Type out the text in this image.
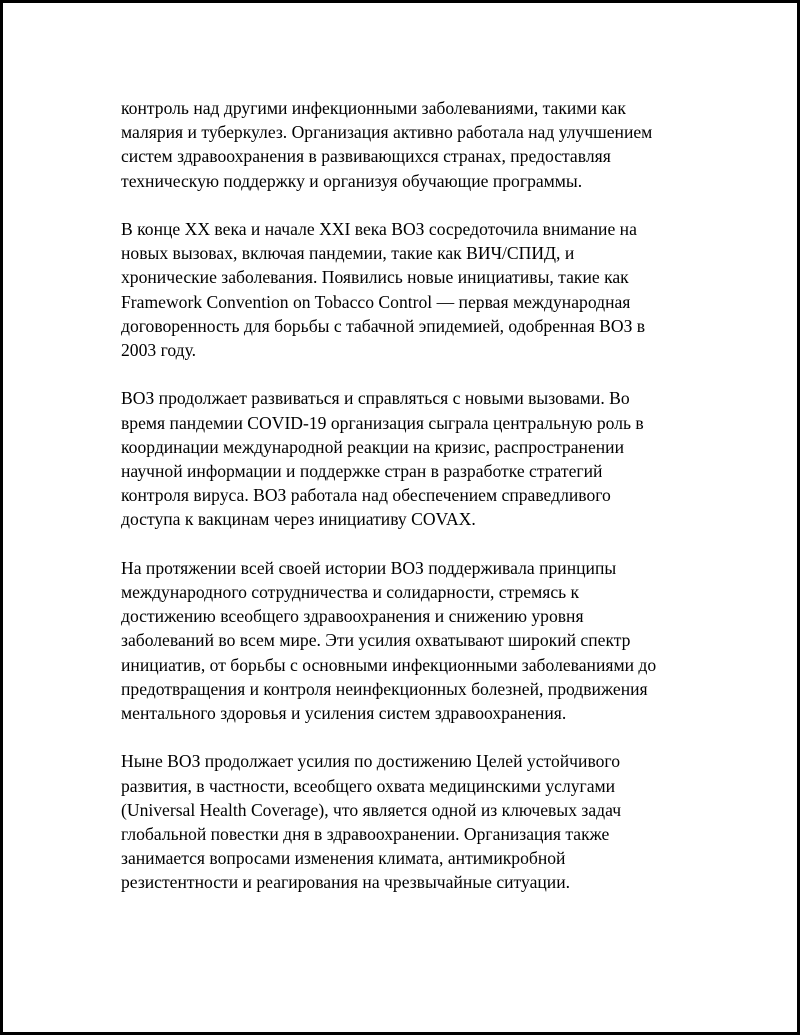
контроль над другими инфекционными заболеваниями, такими как
малярия и туберкулез. Организация активно работала над улучшением
систем здравоохранения в развивающихся странах, предоставляя
техническую поддержку и организуя обучающие программы.

В конце XX века и начале XXI века ВОЗ сосредоточила внимание на
новых вызовах, включая пандемии, такие как ВИЧ/СПИД, и
хронические заболевания. Появились новые инициативы, такие как
Framework Convention on Tobacco Control — первая международная
договоренность для борьбы с табачной эпидемией, одобренная ВОЗ в
2003 году.

ВОЗ продолжает развиваться и справляться с новыми вызовами. Во
время пандемии COVID-19 организация сыграла центральную роль в
координации международной реакции на кризис, распространении
научной информации и поддержке стран в разработке стратегий
контроля вируса. ВОЗ работала над обеспечением справедливого
доступа к вакцинам через инициативу COVAX.

На протяжении всей своей истории ВОЗ поддерживала принципы
международного сотрудничества и солидарности, стремясь к
достижению всеобщего здравоохранения и снижению уровня
заболеваний во всем мире. Эти усилия охватывают широкий спектр
инициатив, от борьбы с основными инфекционными заболеваниями до
предотвращения и контроля неинфекционных болезней, продвижения
ментального здоровья и усиления систем здравоохранения.

Ныне ВОЗ продолжает усилия по достижению Целей устойчивого
развития, в частности, всеобщего охвата медицинскими услугами
(Universal Health Coverage), что является одной из ключевых задач
глобальной повестки дня в здравоохранении. Организация также
занимается вопросами изменения климата, антимикробной
резистентности и реагирования на чрезвычайные ситуации.
